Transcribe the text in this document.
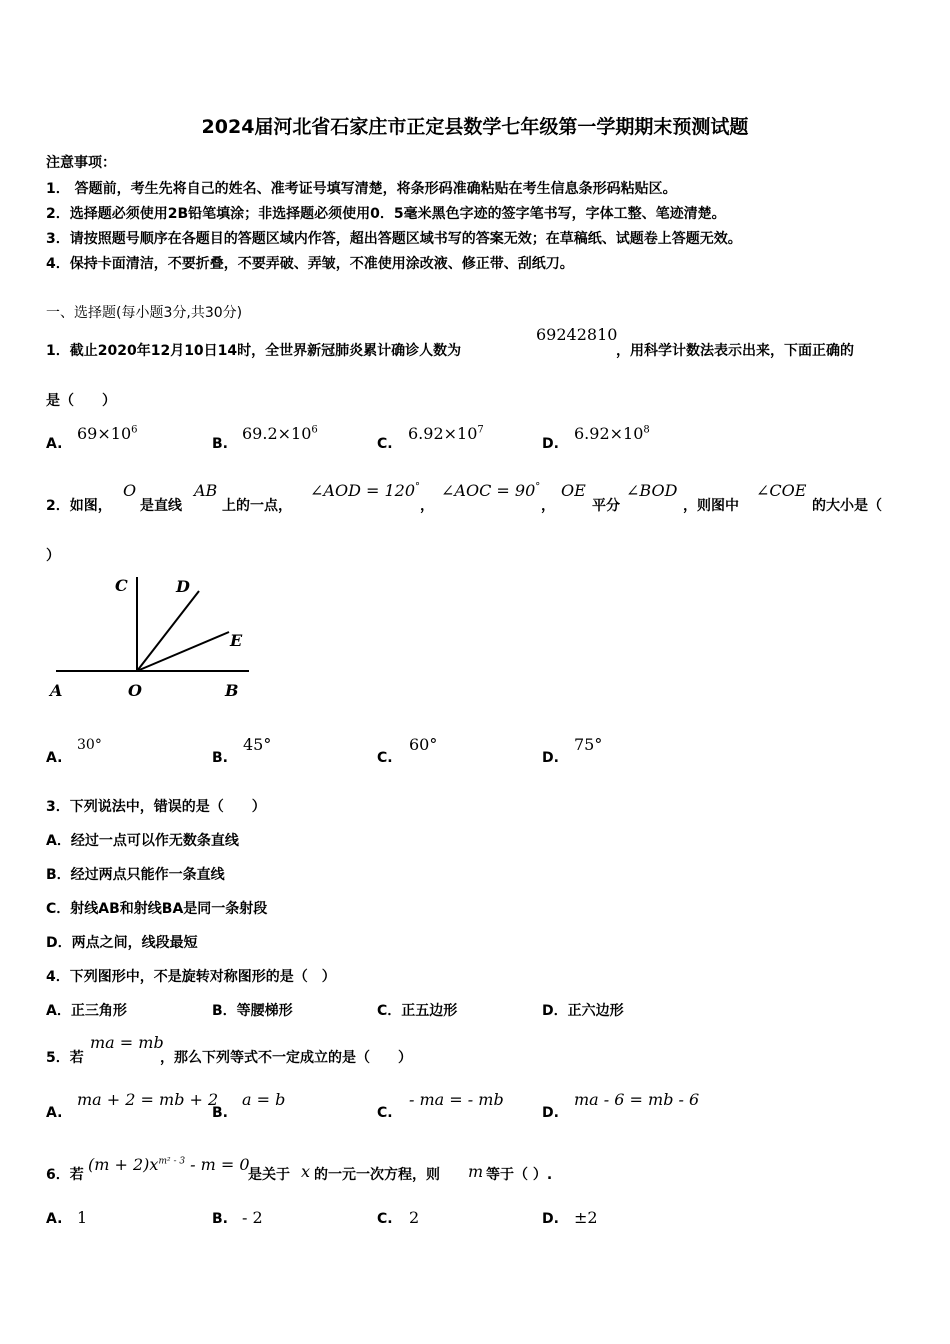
2024届河北省石家庄市正定县数学七年级第一学期期末预测试题
注意事项：
1． 答题前，考生先将自己的姓名、准考证号填写清楚，将条形码准确粘贴在考生信息条形码粘贴区。
2．选择题必须使用2B铅笔填涂；非选择题必须使用0．5毫米黑色字迹的签字笔书写，字体工整、笔迹清楚。
3．请按照题号顺序在各题目的答题区域内作答，超出答题区域书写的答案无效；在草稿纸、试题卷上答题无效。
4．保持卡面清洁，不要折叠，不要弄破、弄皱，不准使用涂改液、修正带、刮纸刀。
一、选择题(每小题3分,共30分)
1．截止2020年12月10日14时，全世界新冠肺炎累计确诊人数为
69242810
，用科学计数法表示出来，下面正确的
是（　　）
A.
$69\times 10^6$
B.
$69.2\times 10^6$
C.
$6.92\times 10^7$
D.
$6.92\times 10^8$
2．如图，
O
是直线
AB
上的一点，
∠AOD = 120°
，
∠AOC = 90°
，
OE
平分
∠BOD
，则图中
∠COE
的大小是（
）
A	O	B
C	D
E
A.
30°
B.
45°
C.
60°
D.
75°
3．下列说法中，错误的是（　　）
A．经过一点可以作无数条直线
B．经过两点只能作一条直线
C．射线AB和射线BA是同一条射段
D．两点之间，线段最短
4．下列图形中，不是旋转对称图形的是（　）
A．正三角形	B．等腰梯形	C．正五边形	D．正六边形
5．若
ma = mb
，那么下列等式不一定成立的是（　　）
A.
ma + 2 = mb + 2
B.
a = b
C.
- ma = - mb
D.
ma - 6 = mb - 6
6．若
$(m + 2)x^{m^2 - 3} - m = 0$
是关于 x 的一元一次方程，则 m 等于（ ）.
A. 1	B. - 2	C. 2	D. ±2
